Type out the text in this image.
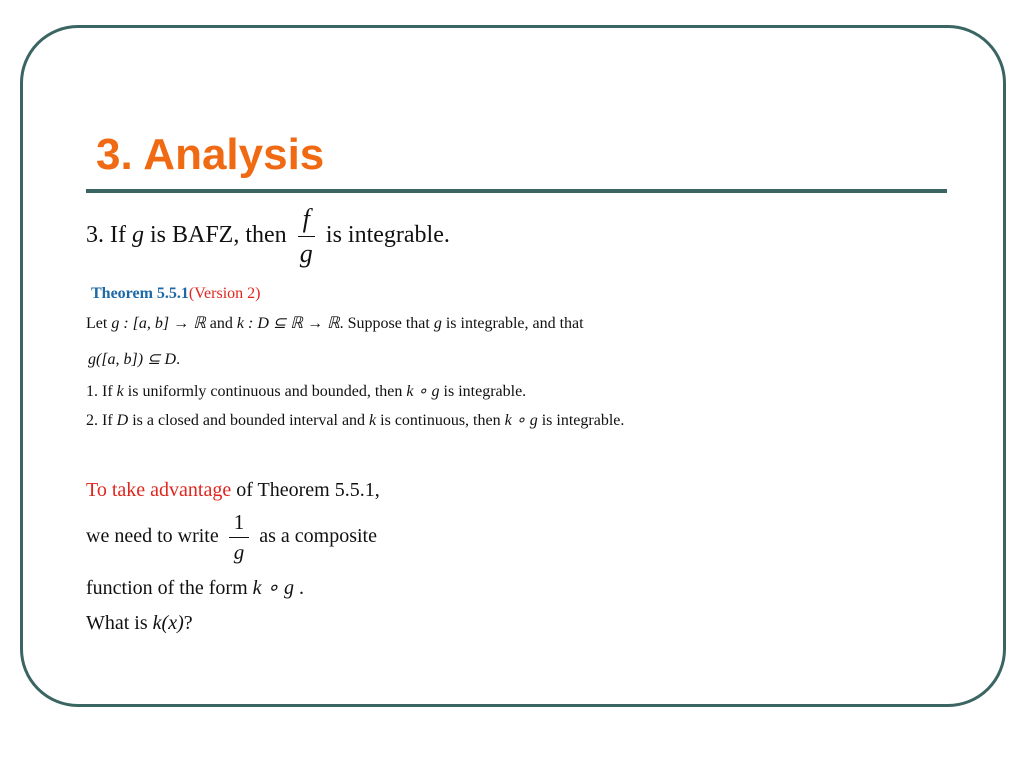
3. Analysis
3. If g is BAFZ, then $\frac{f}{g}$ is integrable.
Theorem 5.5.1(Version 2)
Let g : [a, b] → ℝ and k : D ⊆ ℝ → ℝ. Suppose that g is integrable, and that
g([a, b]) ⊆ D.
1. If k is uniformly continuous and bounded, then k ∘ g is integrable.
2. If D is a closed and bounded interval and k is continuous, then k ∘ g is integrable.
To take advantage of Theorem 5.5.1,
we need to write $\frac{1}{g}$ as a composite
function of the form k ∘ g .
What is k(x)?
